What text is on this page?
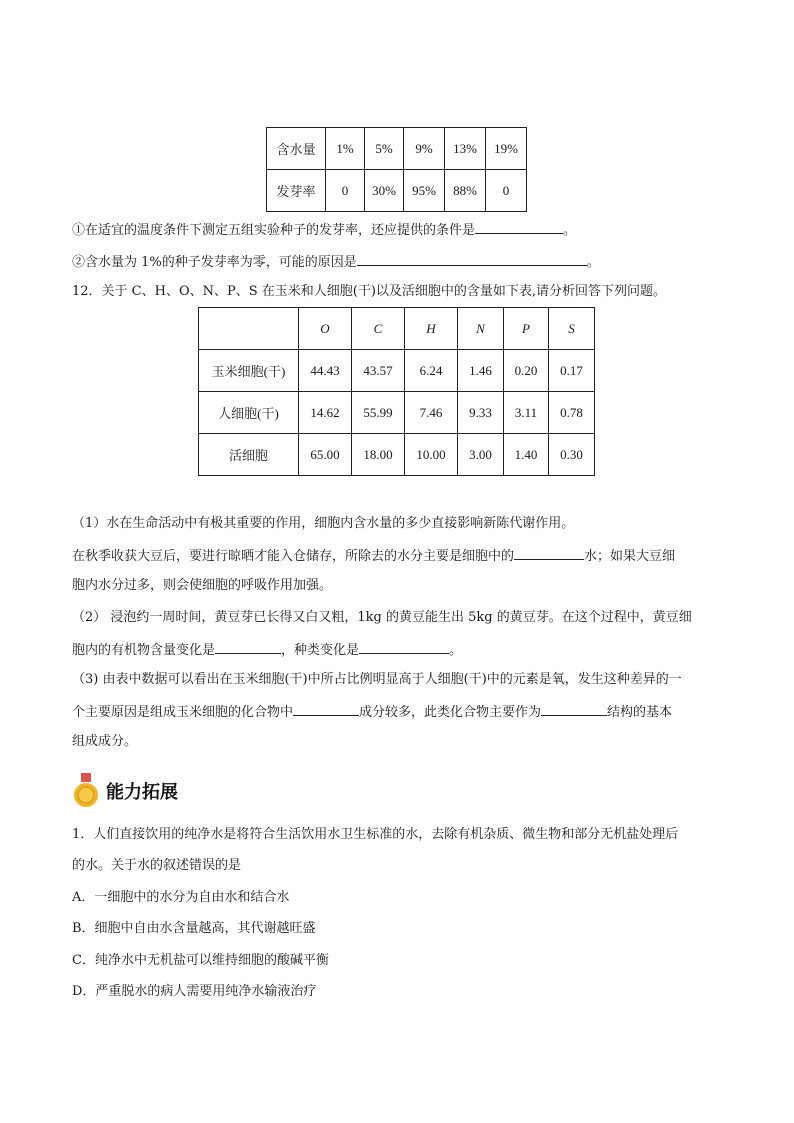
含水量	1%	5%	9%	13%	19%
发芽率	0	30%	95%	88%	0
①在适宜的温度条件下测定五组实验种子的发芽率，还应提供的条件是	。
②含水量为 1%的种子发芽率为零，可能的原因是	。
12．关于 C、H、O、N、P、S 在玉米和人细胞(干)以及活细胞中的含量如下表,请分析回答下列问题。
	O	C	H	N	P	S
玉米细胞(干)	44.43	43.57	6.24	1.46	0.20	0.17
人细胞(干)	14.62	55.99	7.46	9.33	3.11	0.78
活细胞	65.00	18.00	10.00	3.00	1.40	0.30
（1）水在生命活动中有极其重要的作用，细胞内含水量的多少直接影响新陈代谢作用。
在秋季收获大豆后，要进行晾晒才能入仓储存，所除去的水分主要是细胞中的	水；如果大豆细
胞内水分过多，则会使细胞的呼吸作用加强。
（2） 浸泡约一周时间，黄豆芽已长得又白又粗，1kg 的黄豆能生出 5kg 的黄豆芽。在这个过程中，黄豆细
胞内的有机物含量变化是	，种类变化是	。
（3) 由表中数据可以看出在玉米细胞(干)中所占比例明显高于人细胞(干)中的元素是氧，发生这种差异的一
个主要原因是组成玉米细胞的化合物中	成分较多，此类化合物主要作为	结构的基本
组成成分。
能力拓展
1．人们直接饮用的纯净水是将符合生活饮用水卫生标准的水，去除有机杂质、微生物和部分无机盐处理后
的水。关于水的叙述错误的是
A．一细胞中的水分为自由水和结合水
B．细胞中自由水含量越高，其代谢越旺盛
C．纯净水中无机盐可以维持细胞的酸碱平衡
D．严重脱水的病人需要用纯净水输液治疗
